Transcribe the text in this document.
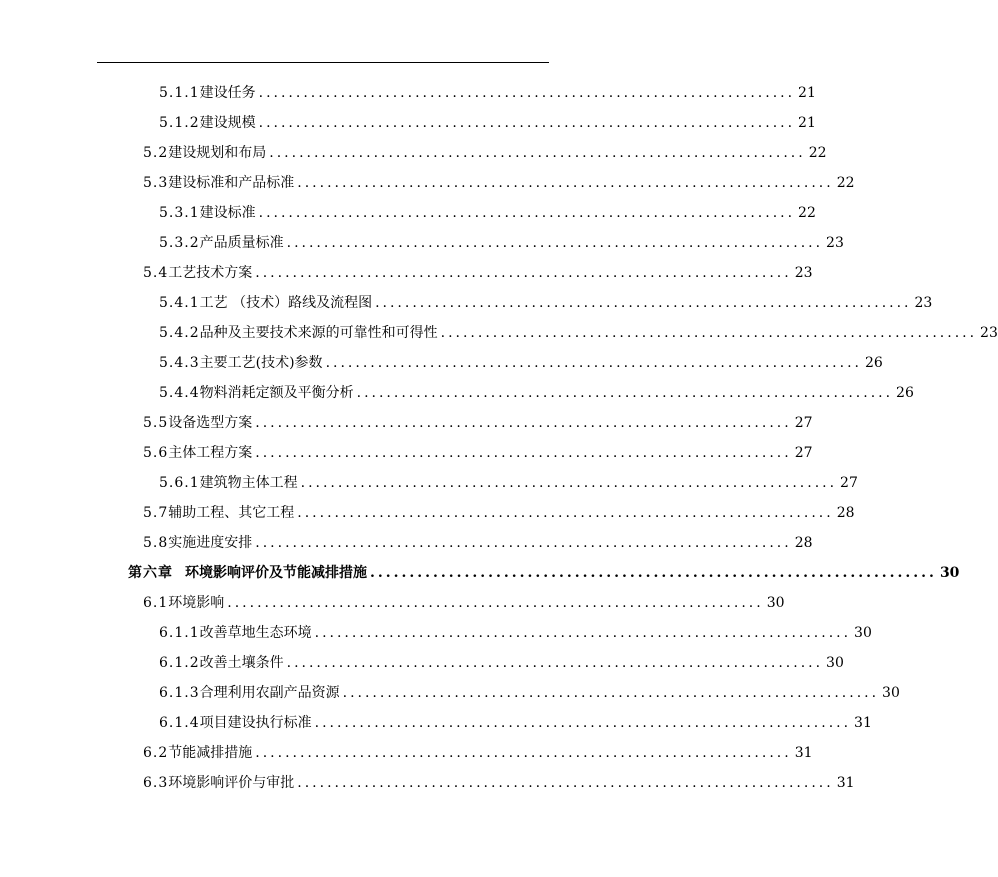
5.1.1 建设任务 ........................................................................ 21
5.1.2 建设规模 ........................................................................ 21
5.2 建设规划和布局 ........................................................................ 22
5.3 建设标准和产品标准 ........................................................................ 22
5.3.1 建设标准 ........................................................................ 22
5.3.2 产品质量标准 ........................................................................ 23
5.4 工艺技术方案 ........................................................................ 23
5.4.1 工艺 （技术）路线及流程图 ........................................................................ 23
5.4.2 品种及主要技术来源的可靠性和可得性 ........................................................................ 23
5.4.3 主要工艺(技术)参数 ........................................................................ 26
5.4.4 物料消耗定额及平衡分析 ........................................................................ 26
5.5 设备选型方案 ........................................................................ 27
5.6 主体工程方案 ........................................................................ 27
5.6.1 建筑物主体工程 ........................................................................ 27
5.7 辅助工程、其它工程 ........................................................................ 28
5.8 实施进度安排 ........................................................................ 28
第六章 环境影响评价及节能减排措施 ........................................................................ 30
6.1 环境影响 ........................................................................ 30
6.1.1 改善草地生态环境 ........................................................................ 30
6.1.2 改善土壤条件 ........................................................................ 30
6.1.3 合理利用农副产品资源 ........................................................................ 30
6.1.4 项目建设执行标准 ........................................................................ 31
6.2 节能减排措施 ........................................................................ 31
6.3 环境影响评价与审批 ........................................................................ 31
